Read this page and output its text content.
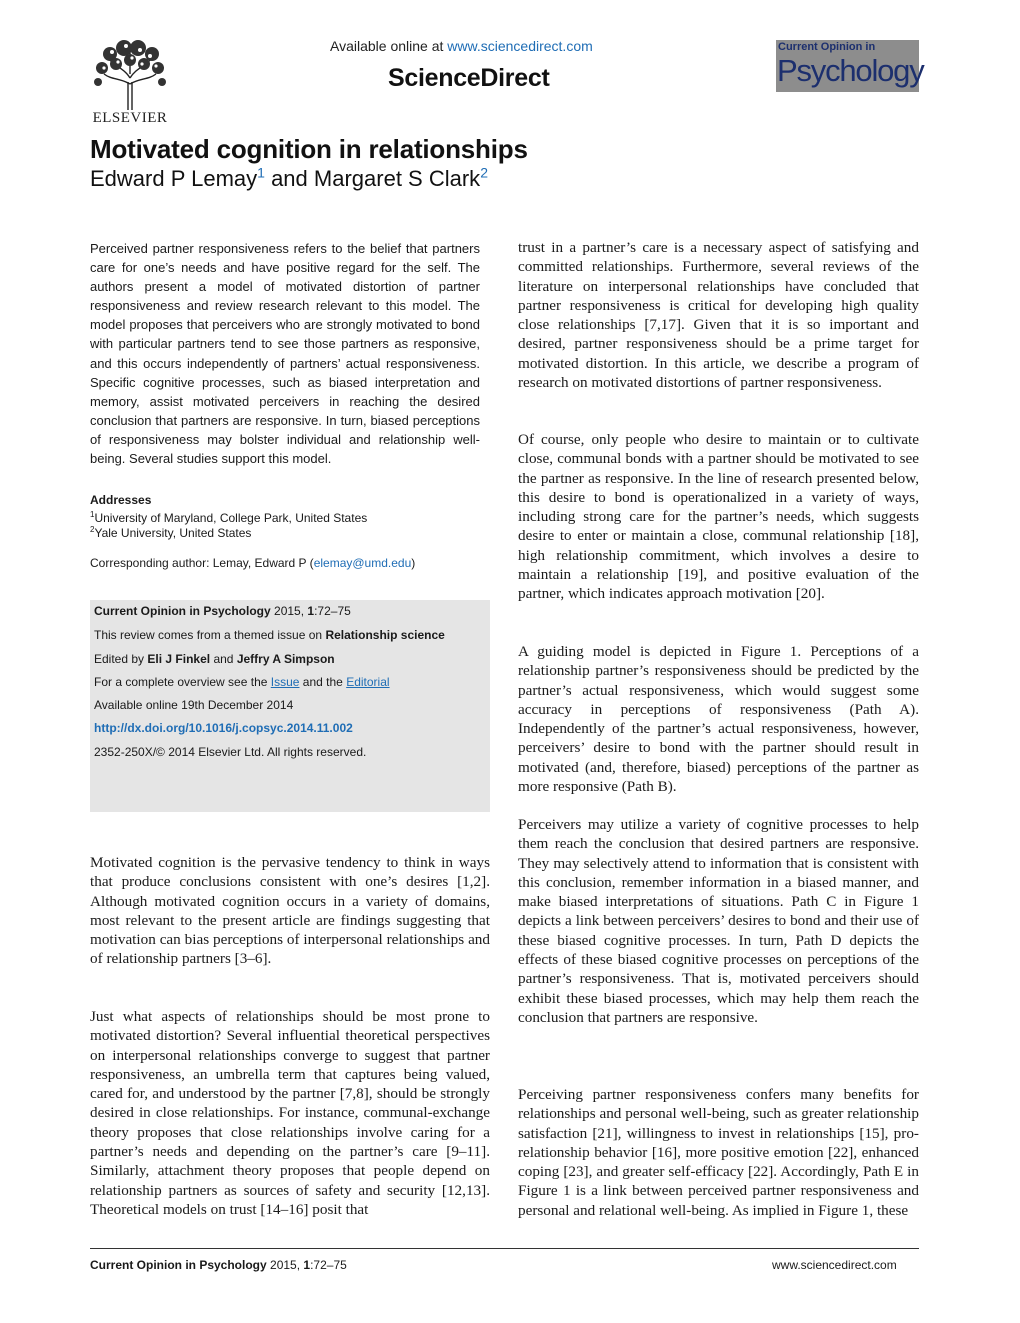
ELSEVIER
Available online at www.sciencedirect.com
ScienceDirect
Current Opinion in
Psychology
Motivated cognition in relationships
Edward P Lemay$^1$ and Margaret S Clark$^2$
Perceived partner responsiveness refers to the belief that partners care for one’s needs and have positive regard for the self. The authors present a model of motivated distortion of partner responsiveness and review research relevant to this model. The model proposes that perceivers who are strongly motivated to bond with particular partners tend to see those partners as responsive, and this occurs independently of partners’ actual responsiveness. Specific cognitive processes, such as biased interpretation and memory, assist motivated perceivers in reaching the desired conclusion that partners are responsive. In turn, biased perceptions of responsiveness may bolster individual and relationship well-being. Several studies support this model.
Addresses
$^1$University of Maryland, College Park, United States
$^2$Yale University, United States
Corresponding author: Lemay, Edward P (elemay@umd.edu)
Current Opinion in Psychology 2015, 1:72–75
This review comes from a themed issue on Relationship science
Edited by Eli J Finkel and Jeffry A Simpson
For a complete overview see the Issue and the Editorial
Available online 19th December 2014
http://dx.doi.org/10.1016/j.copsyc.2014.11.002
2352-250X/© 2014 Elsevier Ltd. All rights reserved.

Motivated cognition is the pervasive tendency to think in ways that produce conclusions consistent with one’s desires [1,2]. Although motivated cognition occurs in a variety of domains, most relevant to the present article are findings suggesting that motivation can bias perceptions of interpersonal relationships and of relationship partners [3–6].

Just what aspects of relationships should be most prone to motivated distortion? Several influential theoretical perspectives on interpersonal relationships converge to suggest that partner responsiveness, an umbrella term that captures being valued, cared for, and understood by the partner [7,8], should be strongly desired in close relationships. For instance, communal-exchange theory proposes that close relationships involve caring for a partner’s needs and depending on the partner’s care [9–11]. Similarly, attachment theory proposes that people depend on relationship partners as sources of safety and security [12,13]. Theoretical models on trust [14–16] posit that

trust in a partner’s care is a necessary aspect of satisfying and committed relationships. Furthermore, several reviews of the literature on interpersonal relationships have concluded that partner responsiveness is critical for developing high quality close relationships [7,17]. Given that it is so important and desired, partner responsiveness should be a prime target for motivated distortion. In this article, we describe a program of research on motivated distortions of partner responsiveness.

Of course, only people who desire to maintain or to cultivate close, communal bonds with a partner should be motivated to see the partner as responsive. In the line of research presented below, this desire to bond is operationalized in a variety of ways, including strong care for the partner’s needs, which suggests desire to enter or maintain a close, communal relationship [18], high relationship commitment, which involves a desire to maintain a relationship [19], and positive evaluation of the partner, which indicates approach motivation [20].

A guiding model is depicted in Figure 1. Perceptions of a relationship partner’s responsiveness should be predicted by the partner’s actual responsiveness, which would suggest some accuracy in perceptions of responsiveness (Path A). Independently of the partner’s actual responsiveness, however, perceivers’ desire to bond with the partner should result in motivated (and, therefore, biased) perceptions of the partner as more responsive (Path B).

Perceivers may utilize a variety of cognitive processes to help them reach the conclusion that desired partners are responsive. They may selectively attend to information that is consistent with this conclusion, remember information in a biased manner, and make biased interpretations of situations. Path C in Figure 1 depicts a link between perceivers’ desires to bond and their use of these biased cognitive processes. In turn, Path D depicts the effects of these biased cognitive processes on perceptions of the partner’s responsiveness. That is, motivated perceivers should exhibit these biased processes, which may help them reach the conclusion that partners are responsive.

Perceiving partner responsiveness confers many benefits for relationships and personal well-being, such as greater relationship satisfaction [21], willingness to invest in relationships [15], pro-relationship behavior [16], more positive emotion [22], enhanced coping [23], and greater self-efficacy [22]. Accordingly, Path E in Figure 1 is a link between perceived partner responsiveness and personal and relational well-being. As implied in Figure 1, these

Current Opinion in Psychology 2015, 1:72–75	www.sciencedirect.com
